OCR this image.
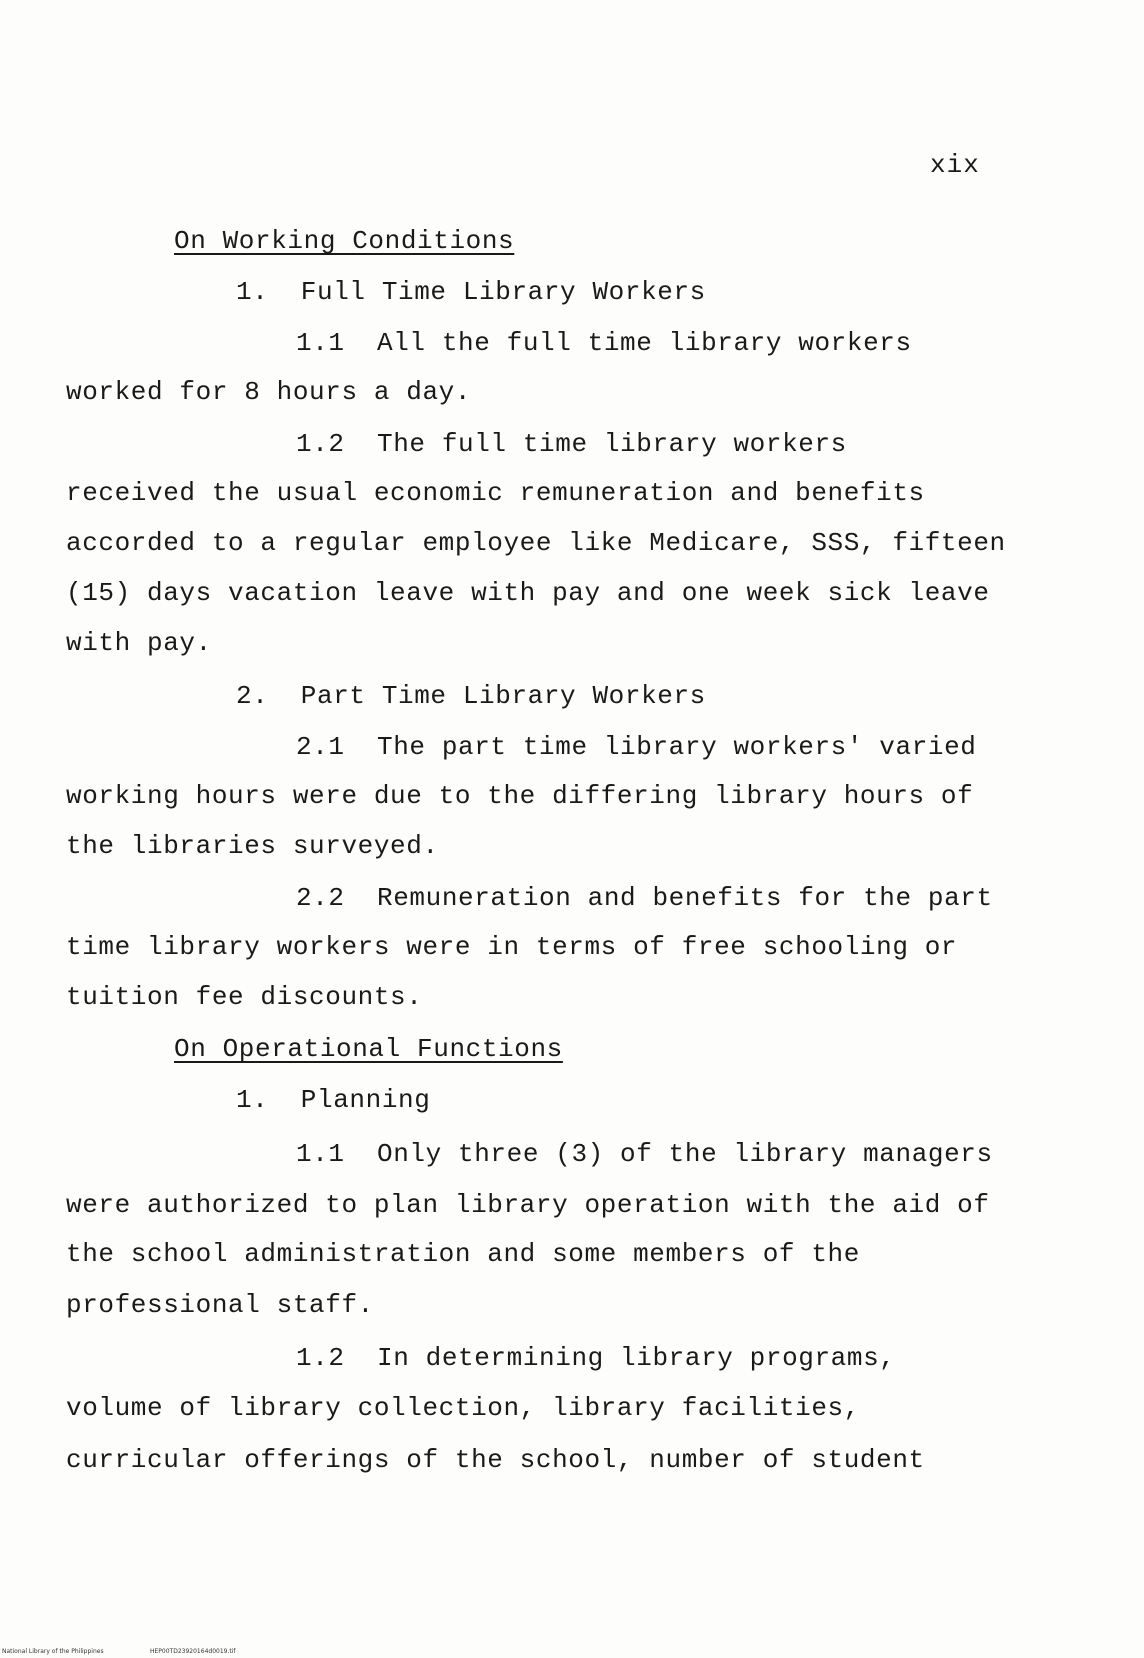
xix
On Working Conditions
1.  Full Time Library Workers
1.1  All the full time library workers
worked for 8 hours a day.
1.2  The full time library workers
received the usual economic remuneration and benefits
accorded to a regular employee like Medicare, SSS, fifteen
(15) days vacation leave with pay and one week sick leave
with pay.
2.  Part Time Library Workers
2.1  The part time library workers' varied
working hours were due to the differing library hours of
the libraries surveyed.
2.2  Remuneration and benefits for the part
time library workers were in terms of free schooling or
tuition fee discounts.
On Operational Functions
1.  Planning
1.1  Only three (3) of the library managers
were authorized to plan library operation with the aid of
the school administration and some members of the
professional staff.
1.2  In determining library programs,
volume of library collection, library facilities,
curricular offerings of the school, number of student
National Library of the Philippines	HEP00TD23920164d0019.tif
